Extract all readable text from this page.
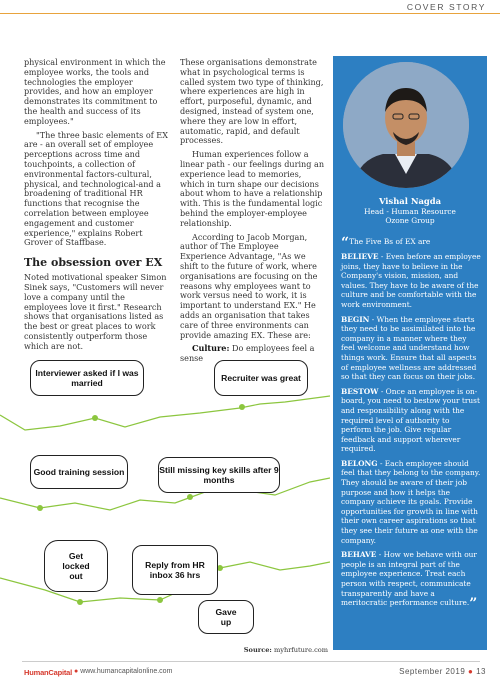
COVER STORY

physical environment in which the employee works, the tools and technologies the employer provides, and how an employer demonstrates its commitment to the health and success of its employees."

"The three basic elements of EX are - an overall set of employee perceptions across time and touchpoints, a collection of environmental factors-cultural, physical, and technological-and a broadening of traditional HR functions that recognise the correlation between employee engagement and customer experience," explains Robert Grover of Staffbase.

The obsession over EX

Noted motivational speaker Simon Sinek says, "Customers will never love a company until the employees love it first." Research shows that organisations listed as the best or great places to work consistently outperform those which are not.

These organisations demonstrate what in psychological terms is called system two type of thinking, where experiences are high in effort, purposeful, dynamic, and designed, instead of system one, where they are low in effort, automatic, rapid, and default processes.

Human experiences follow a linear path - our feelings during an experience lead to memories, which in turn shape our decisions about whom to have a relationship with. This is the fundamental logic behind the employer-employee relationship.

According to Jacob Morgan, author of The Employee Experience Advantage, "As we shift to the future of work, where organisations are focusing on the reasons why employees want to work versus need to work, it is important to understand EX." He adds an organisation that takes care of three environments can provide amazing EX. These are:

Culture: Do employees feel a sense

Vishal Nagda
Head - Human Resource
Ozone Group

“The Five Bs of EX are

BELIEVE - Even before an employee joins, they have to believe in the Company's vision, mission, and values. They have to be aware of the culture and be comfortable with the work environment.

BEGIN - When the employee starts they need to be assimilated into the company in a manner where they feel welcome and understand how things work. Ensure that all aspects of employee wellness are addressed so that they can focus on their jobs.

BESTOW - Once an employee is on-board, you need to bestow your trust and responsibility along with the required level of authority to perform the job. Give regular feedback and support wherever required.

BELONG - Each employee should feel that they belong to the company. They should be aware of their job purpose and how it helps the company achieve its goals. Provide opportunities for growth in line with their own career aspirations so that they see their future as one with the company.

BEHAVE - How we behave with our people is an integral part of the employee experience. Treat each person with respect, communicate transparently and have a meritocratic performance culture.”

Interviewer asked if I was married	Recruiter was great
Good training session	Still missing key skills after 9 months
Get locked out
Reply from HR inbox 36 hrs
Gave up
Source: myhrfuture.com
HumanCapital ● www.humancapitalonline.com	September 2019 ● 13
